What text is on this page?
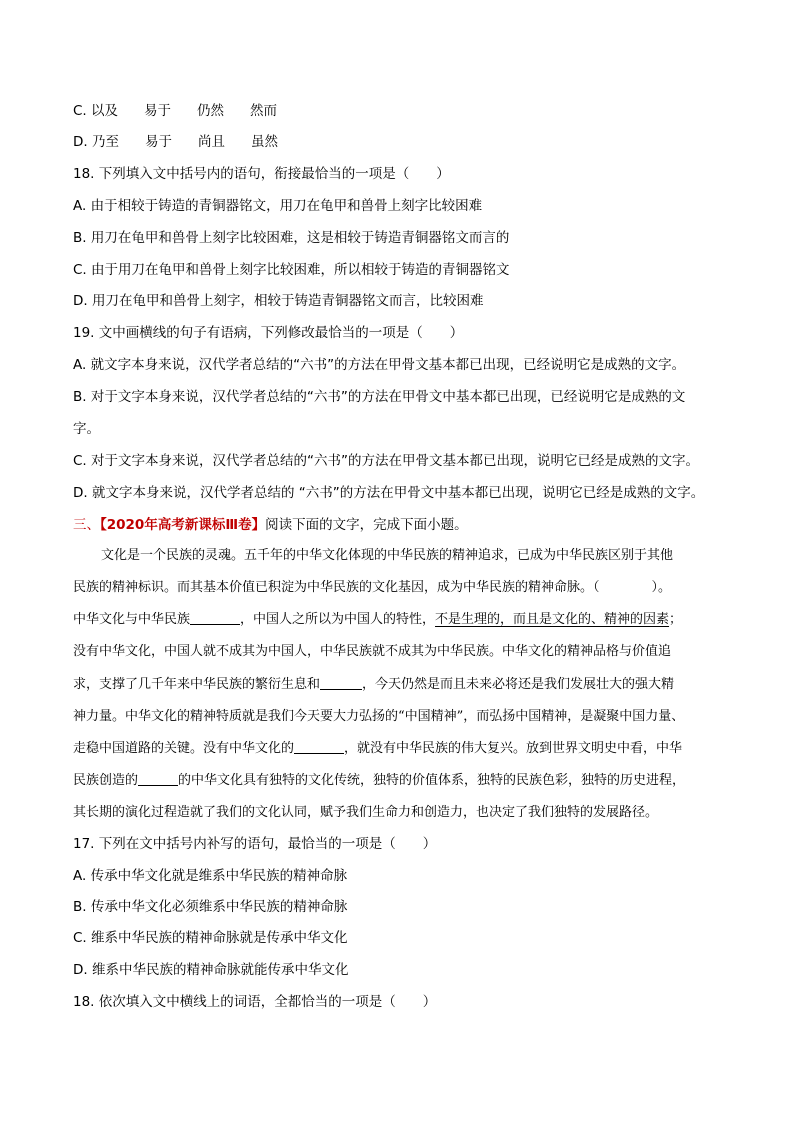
C. 以及 易于 仍然 然而
D. 乃至 易于 尚且 虽然
18. 下列填入文中括号内的语句，衔接最恰当的一项是（　　）
A. 由于相较于铸造的青铜器铭文，用刀在龟甲和兽骨上刻字比较困难
B. 用刀在龟甲和兽骨上刻字比较困难，这是相较于铸造青铜器铭文而言的
C. 由于用刀在龟甲和兽骨上刻字比较困难，所以相较于铸造的青铜器铭文
D. 用刀在龟甲和兽骨上刻字，相较于铸造青铜器铭文而言，比较困难
19. 文中画横线的句子有语病，下列修改最恰当的一项是（　　）
A. 就文字本身来说，汉代学者总结的“六书”的方法在甲骨文基本都已出现，已经说明它是成熟的文字。
B. 对于文字本身来说，汉代学者总结的“六书”的方法在甲骨文中基本都已出现，已经说明它是成熟的文
字。
C. 对于文字本身来说，汉代学者总结的“六书”的方法在甲骨文基本都已出现，说明它已经是成熟的文字。
D. 就文字本身来说，汉代学者总结的 “六书”的方法在甲骨文中基本都已出现，说明它已经是成熟的文字。
三、【2020年高考新课标Ⅲ卷】阅读下面的文字，完成下面小题。
文化是一个民族的灵魂。五千年的中华文化体现的中华民族的精神追求，已成为中华民族区别于其他
民族的精神标识。而其基本价值已积淀为中华民族的文化基因，成为中华民族的精神命脉。（　　　　）。
中华文化与中华民族	，中国人之所以为中国人的特性，不是生理的，而且是文化的、精神的因素；
没有中华文化，中国人就不成其为中国人，中华民族就不成其为中华民族。中华文化的精神品格与价值追
求，支撑了几千年来中华民族的繁衍生息和	，今天仍然是而且未来必将还是我们发展壮大的强大精
神力量。中华文化的精神特质就是我们今天要大力弘扬的“中国精神”，而弘扬中国精神，是凝聚中国力量、
走稳中国道路的关键。没有中华文化的	，就没有中华民族的伟大复兴。放到世界文明史中看，中华
民族创造的	的中华文化具有独特的文化传统，独特的价值体系，独特的民族色彩，独特的历史进程，
其长期的演化过程造就了我们的文化认同，赋予我们生命力和创造力，也决定了我们独特的发展路径。
17. 下列在文中括号内补写的语句，最恰当的一项是（　　）
A. 传承中华文化就是维系中华民族的精神命脉
B. 传承中华文化必须维系中华民族的精神命脉
C. 维系中华民族的精神命脉就是传承中华文化
D. 维系中华民族的精神命脉就能传承中华文化
18. 依次填入文中横线上的词语，全都恰当的一项是（　　）
